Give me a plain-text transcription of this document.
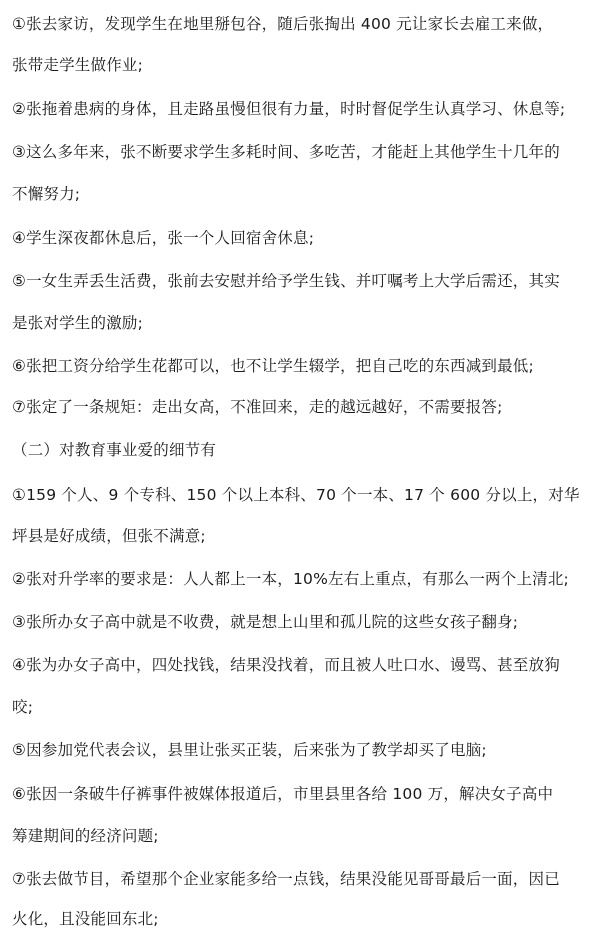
①张去家访，发现学生在地里掰包谷，随后张掏出 400 元让家长去雇工来做，
张带走学生做作业;
②张拖着患病的身体，且走路虽慢但很有力量，时时督促学生认真学习、休息等;
③这么多年来，张不断要求学生多耗时间、多吃苦，才能赶上其他学生十几年的
不懈努力;
④学生深夜都休息后，张一个人回宿舍休息;
⑤一女生弄丢生活费，张前去安慰并给予学生钱、并叮嘱考上大学后需还，其实
是张对学生的激励;
⑥张把工资分给学生花都可以，也不让学生辍学，把自己吃的东西减到最低;
⑦张定了一条规矩：走出女高，不准回来，走的越远越好，不需要报答;
（二）对教育事业爱的细节有
①159 个人、9 个专科、150 个以上本科、70 个一本、17 个 600 分以上，对华
坪县是好成绩，但张不满意;
②张对升学率的要求是：人人都上一本，10%左右上重点，有那么一两个上清北;
③张所办女子高中就是不收费，就是想上山里和孤儿院的这些女孩子翻身;
④张为办女子高中，四处找钱，结果没找着，而且被人吐口水、谩骂、甚至放狗
咬;
⑤因参加党代表会议，县里让张买正装，后来张为了教学却买了电脑;
⑥张因一条破牛仔裤事件被媒体报道后，市里县里各给 100 万，解决女子高中
筹建期间的经济问题;
⑦张去做节目，希望那个企业家能多给一点钱，结果没能见哥哥最后一面，因已
火化，且没能回东北;
